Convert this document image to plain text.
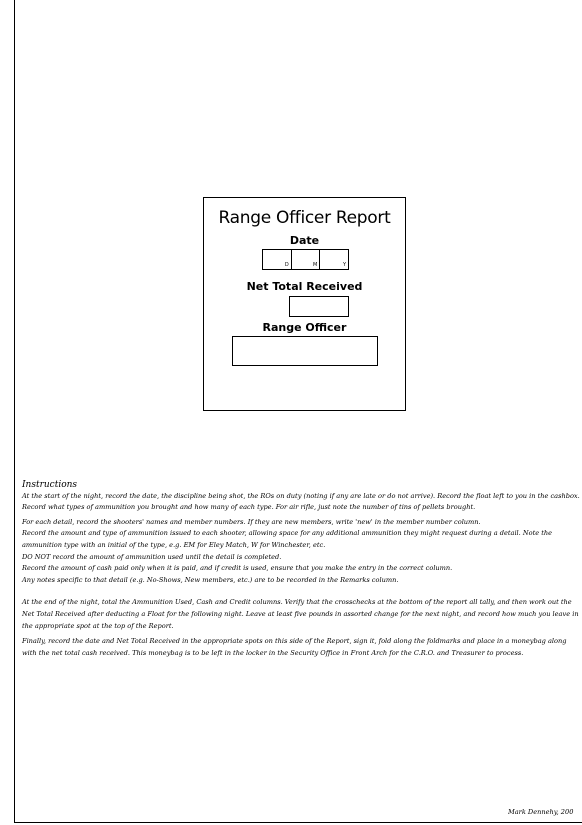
Range Officer Report
Date
D	M	Y
Net Total Received
Range Officer
Instructions

At the start of the night, record the date, the discipline being shot, the ROs on duty (noting if any are late or do not arrive). Record the float left to you in the cashbox. Record what types of ammunition you brought and how many of each type. For air rifle, just note the number of tins of pellets brought.

For each detail, record the shooters' names and member numbers. If they are new members, write 'new' in the member number column.

Record the amount and type of ammunition issued to each shooter, allowing space for any additional ammunition they might request during a detail. Note the ammunition type with an initial of the type, e.g. EM for Eley Match, W for Winchester, etc.

DO NOT record the amount of ammunition used until the detail is completed.

Record the amount of cash paid only when it is paid, and if credit is used, ensure that you make the entry in the correct column.

Any notes specific to that detail (e.g. No-Shows, New members, etc.) are to be recorded in the Remarks column.

At the end of the night, total the Ammunition Used, Cash and Credit columns. Verify that the crosschecks at the bottom of the report all tally, and then work out the Net Total Received after deducting a Float for the following night. Leave at least five pounds in assorted change for the next night, and record how much you leave in the appropriate spot at the top of the Report.

Finally, record the date and Net Total Received in the appropriate spots on this side of the Report, sign it, fold along the foldmarks and place in a moneybag along with the net total cash received. This moneybag is to be left in the locker in the Security Office in Front Arch for the C.R.O. and Treasurer to process.

Mark Dennehy, 200
